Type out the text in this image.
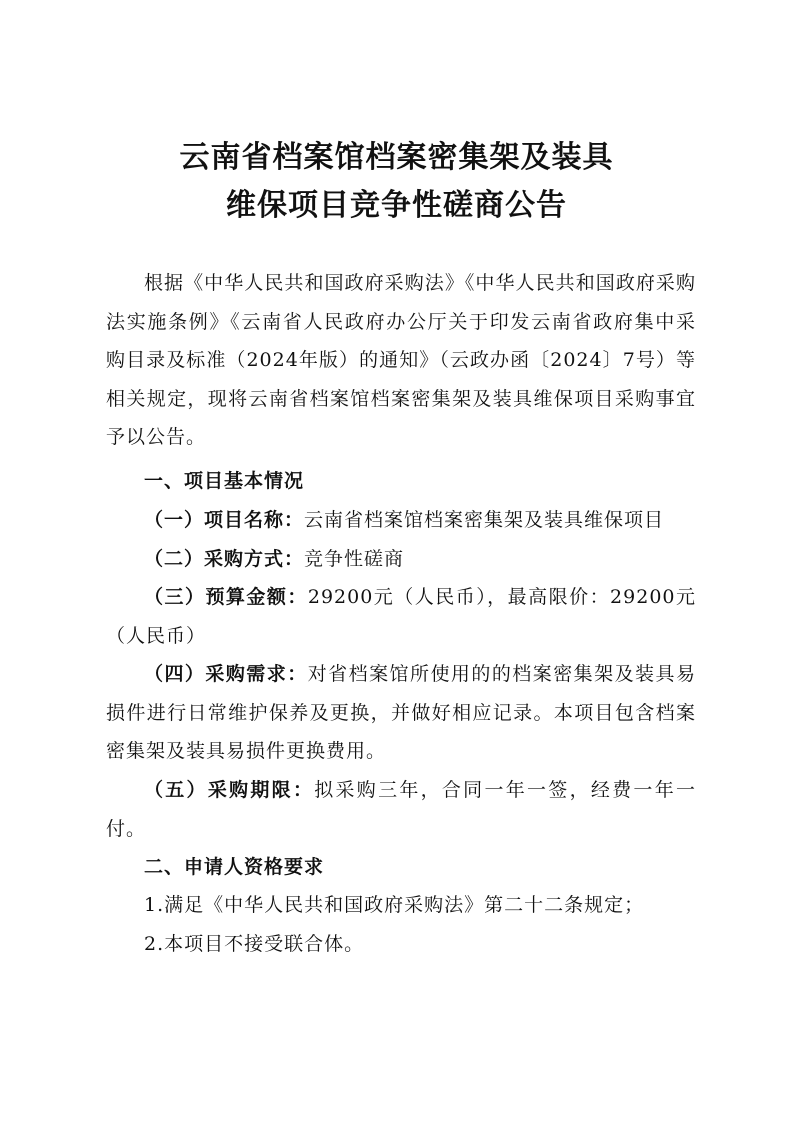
云南省档案馆档案密集架及装具
维保项目竞争性磋商公告
根据《中华人民共和国政府采购法》《中华人民共和国政府采购法实施条例》《云南省人民政府办公厅关于印发云南省政府集中采购目录及标准（2024年版）的通知》（云政办函〔2024〕7号）等相关规定，现将云南省档案馆档案密集架及装具维保项目采购事宜予以公告。
一、项目基本情况
（一）项目名称：云南省档案馆档案密集架及装具维保项目
（二）采购方式：竞争性磋商
（三）预算金额：29200元（人民币），最高限价：29200元（人民币）
（四）采购需求：对省档案馆所使用的的档案密集架及装具易损件进行日常维护保养及更换，并做好相应记录。本项目包含档案密集架及装具易损件更换费用。
（五）采购期限：拟采购三年，合同一年一签，经费一年一付。
二、申请人资格要求
1.满足《中华人民共和国政府采购法》第二十二条规定；
2.本项目不接受联合体。
